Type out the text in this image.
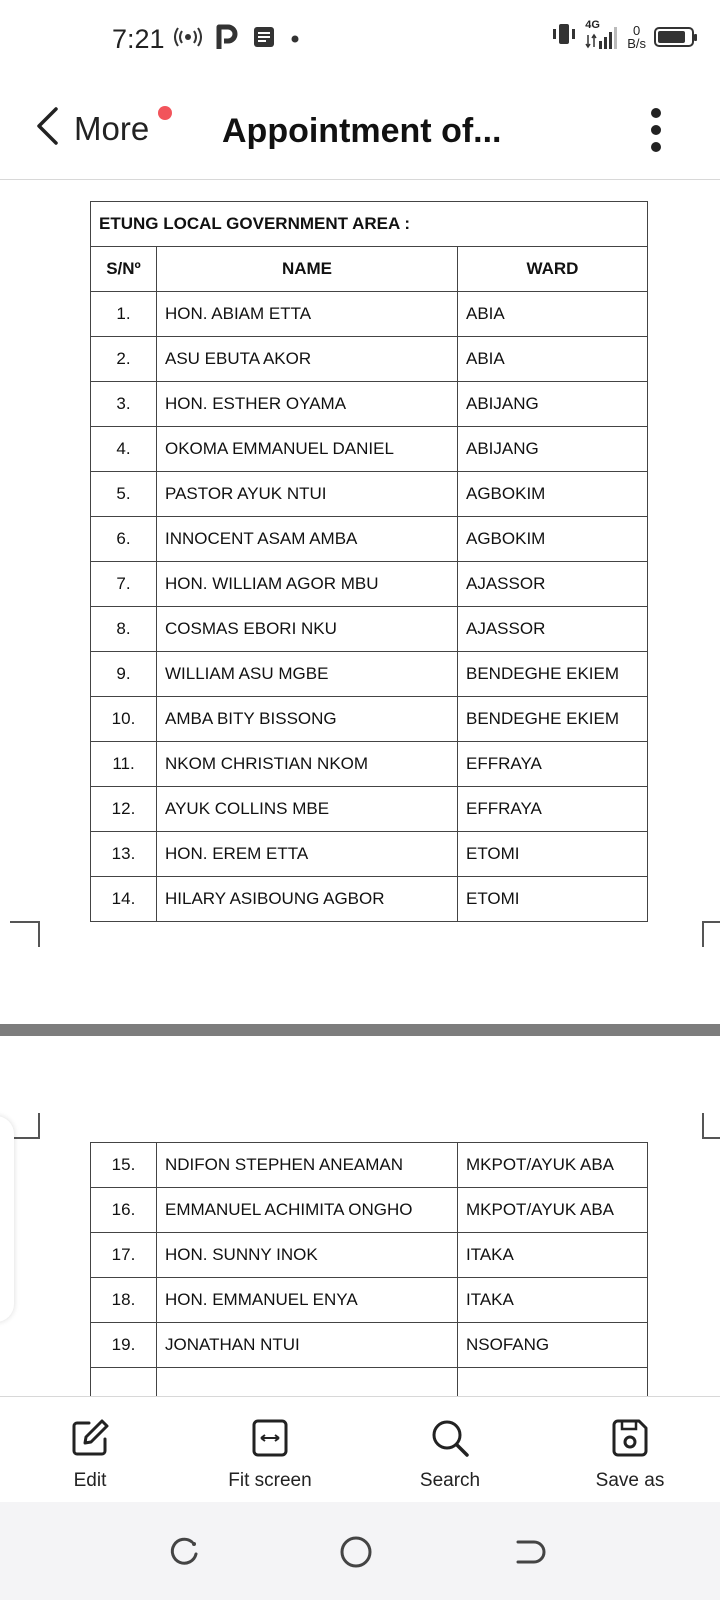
7:21	4G	0
B/s
More Appointment of...
ETUNG LOCAL GOVERNMENT AREA :		
S/Nº	NAME	WARD
1.	HON. ABIAM ETTA	ABIA
2.	ASU EBUTA AKOR	ABIA
3.	HON. ESTHER OYAMA	ABIJANG
4.	OKOMA EMMANUEL DANIEL	ABIJANG
5.	PASTOR AYUK NTUI	AGBOKIM
6.	INNOCENT ASAM AMBA	AGBOKIM
7.	HON. WILLIAM AGOR MBU	AJASSOR
8.	COSMAS EBORI NKU	AJASSOR
9.	WILLIAM ASU MGBE	BENDEGHE EKIEM
10.	AMBA BITY BISSONG	BENDEGHE EKIEM
11.	NKOM CHRISTIAN NKOM	EFFRAYA
12.	AYUK COLLINS MBE	EFFRAYA
13.	HON. EREM ETTA	ETOMI
14.	HILARY ASIBOUNG AGBOR	ETOMI
15.	NDIFON STEPHEN ANEAMAN	MKPOT/AYUK ABA
16.	EMMANUEL ACHIMITA ONGHO	MKPOT/AYUK ABA
17.	HON. SUNNY INOK	ITAKA
18.	HON. EMMANUEL ENYA	ITAKA
19.	JONATHAN NTUI	NSOFANG

Edit	Fit screen	Search	Save as
